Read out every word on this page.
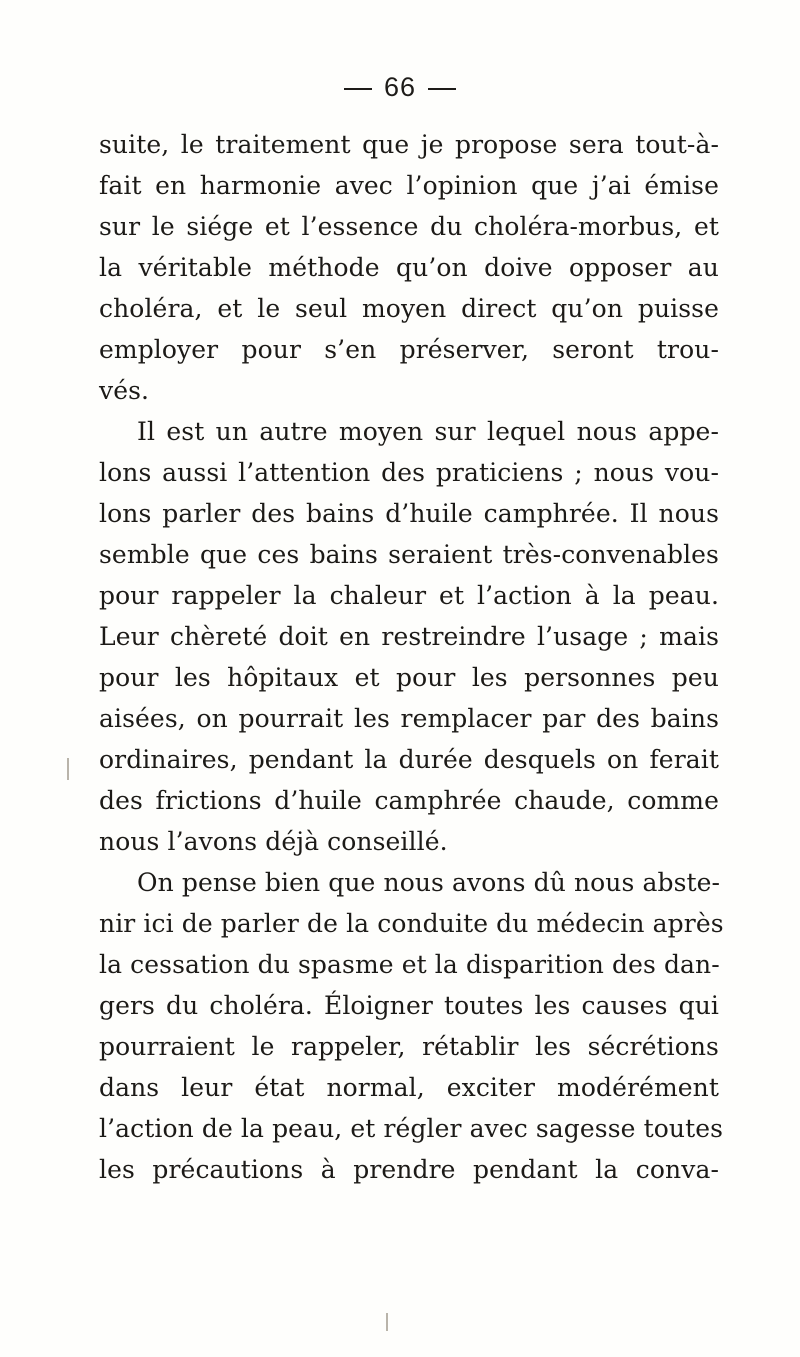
66
suite, le traitement que je propose sera tout-à-
fait en harmonie avec l’opinion que j’ai émise
sur le siége et l’essence du choléra-morbus, et
la véritable méthode qu’on doive opposer au
choléra, et le seul moyen direct qu’on puisse
employer pour s’en préserver, seront trou-
vés.
Il est un autre moyen sur lequel nous appe-
lons aussi l’attention des praticiens ; nous vou-
lons parler des bains d’huile camphrée. Il nous
semble que ces bains seraient très-convenables
pour rappeler la chaleur et l’action à la peau.
Leur chèreté doit en restreindre l’usage ; mais
pour les hôpitaux et pour les personnes peu
aisées, on pourrait les remplacer par des bains
ordinaires, pendant la durée desquels on ferait
des frictions d’huile camphrée chaude, comme
nous l’avons déjà conseillé.
On pense bien que nous avons dû nous abste-
nir ici de parler de la conduite du médecin après
la cessation du spasme et la disparition des dan-
gers du choléra. Éloigner toutes les causes qui
pourraient le rappeler, rétablir les sécrétions
dans leur état normal, exciter modérément
l’action de la peau, et régler avec sagesse toutes
les précautions à prendre pendant la conva-
